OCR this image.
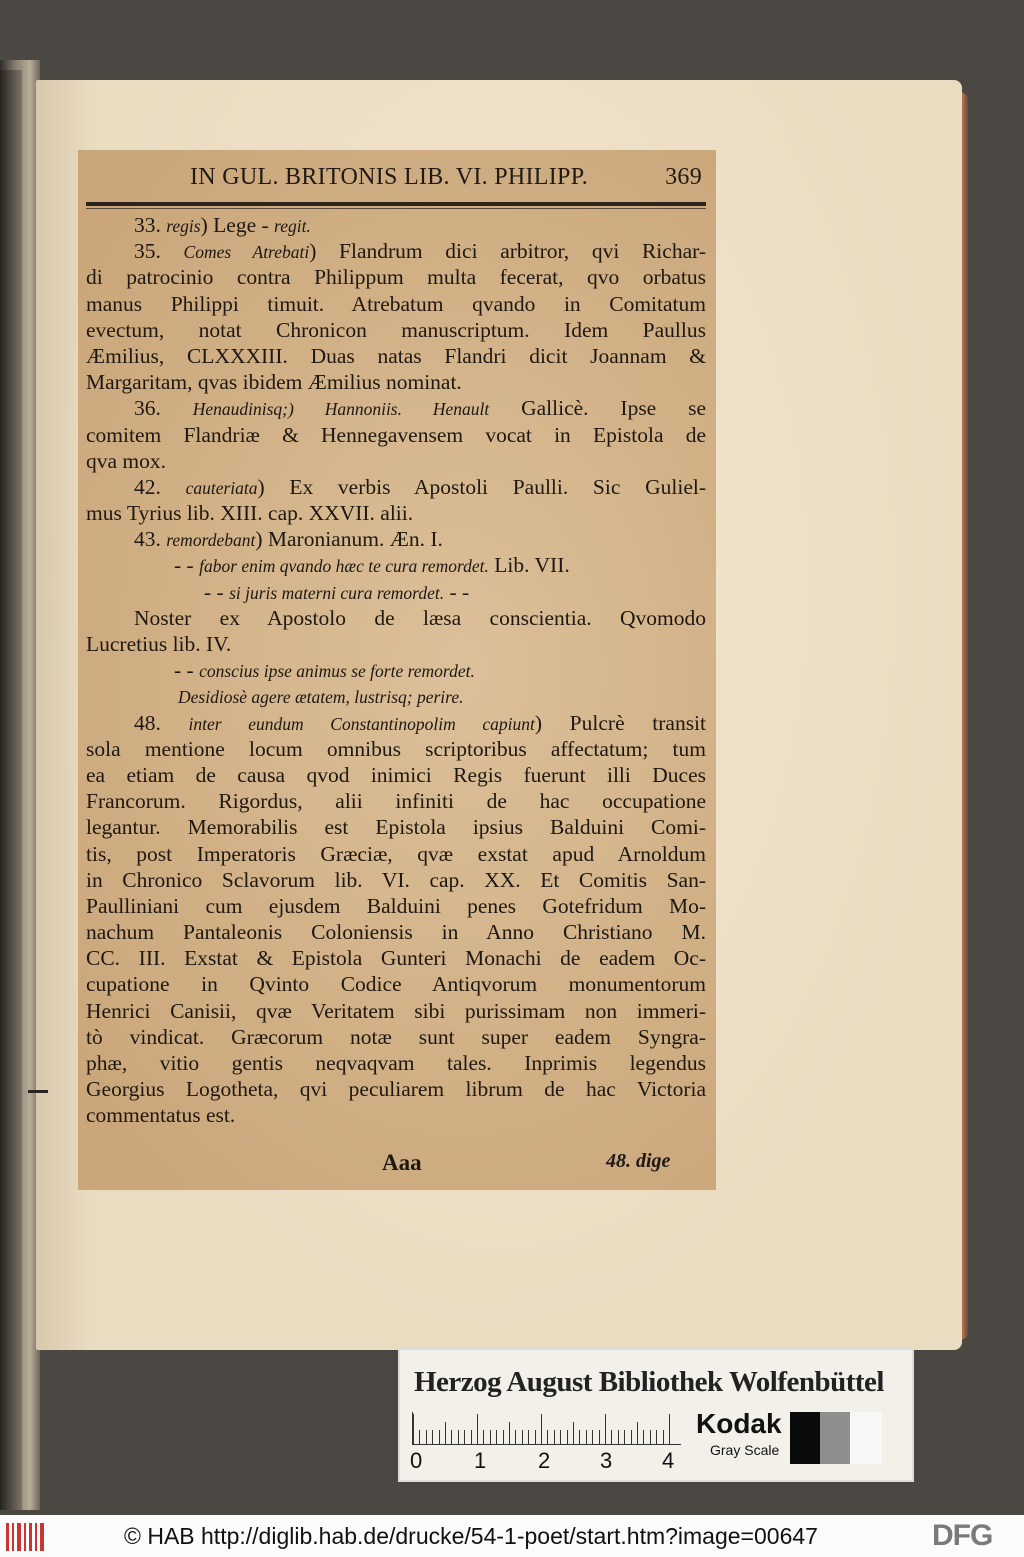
IN GUL. BRITONIS LIB. VI. PHILIPP.	369
33. regis) Lege - regit.
35. Comes Atrebati) Flandrum dici arbitror, qvi Richar-
di patrocinio contra Philippum multa fecerat, qvo orbatus
manus Philippi timuit. Atrebatum qvando in Comitatum
evectum, notat Chronicon manuscriptum. Idem Paullus
Æmilius, CLXXXIII. Duas natas Flandri dicit Joannam &
Margaritam, qvas ibidem Æmilius nominat.
36. Henaudinisq;) Hannoniis. Henault Gallicè. Ipse se
comitem Flandriæ & Hennegavensem vocat in Epistola de
qva mox.
42. cauteriata) Ex verbis Apostoli Paulli. Sic Guliel-
mus Tyrius lib. XIII. cap. XXVII. alii.
43. remordebant) Maronianum. Æn. I.
- - fabor enim qvando hæc te cura remordet. Lib. VII.
- - si juris materni cura remordet. - -
Noster ex Apostolo de læsa conscientia. Qvomodo
Lucretius lib. IV.
- - conscius ipse animus se forte remordet.
Desidiosè agere ætatem, lustrisq; perire.
48. inter eundum Constantinopolim capiunt) Pulcrè transit
sola mentione locum omnibus scriptoribus affectatum; tum
ea etiam de causa qvod inimici Regis fuerunt illi Duces
Francorum. Rigordus, alii infiniti de hac occupatione
legantur. Memorabilis est Epistola ipsius Balduini Comi-
tis, post Imperatoris Græciæ, qvæ exstat apud Arnoldum
in Chronico Sclavorum lib. VI. cap. XX. Et Comitis San-
Paulliniani cum ejusdem Balduini penes Gotefridum Mo-
nachum Pantaleonis Coloniensis in Anno Christiano M.
CC. III. Exstat & Epistola Gunteri Monachi de eadem Oc-
cupatione in Qvinto Codice Antiqvorum monumentorum
Henrici Canisii, qvæ Veritatem sibi purissimam non immeri-
tò vindicat. Græcorum notæ sunt super eadem Syngra-
phæ, vitio gentis neqvaqvam tales. Inprimis legendus
Georgius Logotheta, qvi peculiarem librum de hac Victoria
commentatus est.
Aaa	48. dige
Herzog August Bibliothek Wolfenbüttel
0 1 2 3 4
Kodak
Gray Scale
© HAB http://diglib.hab.de/drucke/54-1-poet/start.htm?image=00647	DFG
